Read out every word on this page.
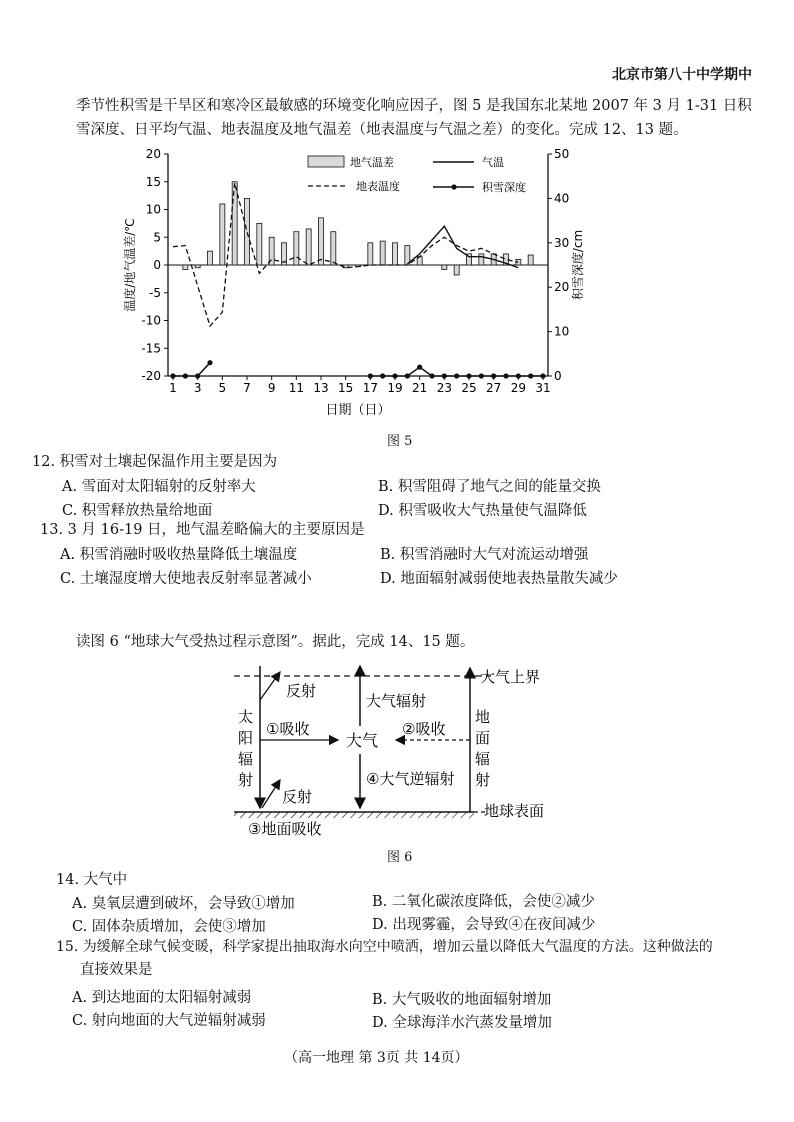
北京市第八十中学期中
季节性积雪是干旱区和寒冷区最敏感的环境变化响应因子，图 5 是我国东北某地 2007 年 3 月 1-31 日积
雪深度、日平均气温、地表温度及地气温差（地表温度与气温之差）的变化。完成 12、13 题。
20
15
10
5
0
-5
-10
-15
-20
50
40
30
20
10
0
1 3 5 7 9 11 13 15 17 19 21 23 25 27 29 31
温度/地气温差/℃	积雪深度/cm
日期（日）
地气温差	气温
地表温度	积雪深度
图 5
12. 积雪对土壤起保温作用主要是因为
A. 雪面对太阳辐射的反射率大	B. 积雪阻碍了地气之间的能量交换
C. 积雪释放热量给地面	D. 积雪吸收大气热量使气温降低
13. 3 月 16-19 日，地气温差略偏大的主要原因是
A. 积雪消融时吸收热量降低土壤温度	B. 积雪消融时大气对流运动增强
C. 土壤湿度增大使地表反射率显著减小	D. 地面辐射减弱使地表热量散失减少
读图 6 “地球大气受热过程示意图”。据此，完成 14、15 题。
反射
反射
①吸收	②吸收
大气
大气辐射
④大气逆辐射
大气上界
地球表面
③地面吸收
太
阳
辐
射
地
面
辐
射
图 6
14. 大气中
A. 臭氧层遭到破坏，会导致①增加	B. 二氧化碳浓度降低，会使②减少
C. 固体杂质增加，会使③增加	D. 出现雾霾，会导致④在夜间减少
15. 为缓解全球气候变暖，科学家提出抽取海水向空中喷洒，增加云量以降低大气温度的方法。这种做法的
直接效果是
A. 到达地面的太阳辐射减弱	B. 大气吸收的地面辐射增加
C. 射向地面的大气逆辐射减弱	D. 全球海洋水汽蒸发量增加
（高一地理 第 3页 共 14页）
